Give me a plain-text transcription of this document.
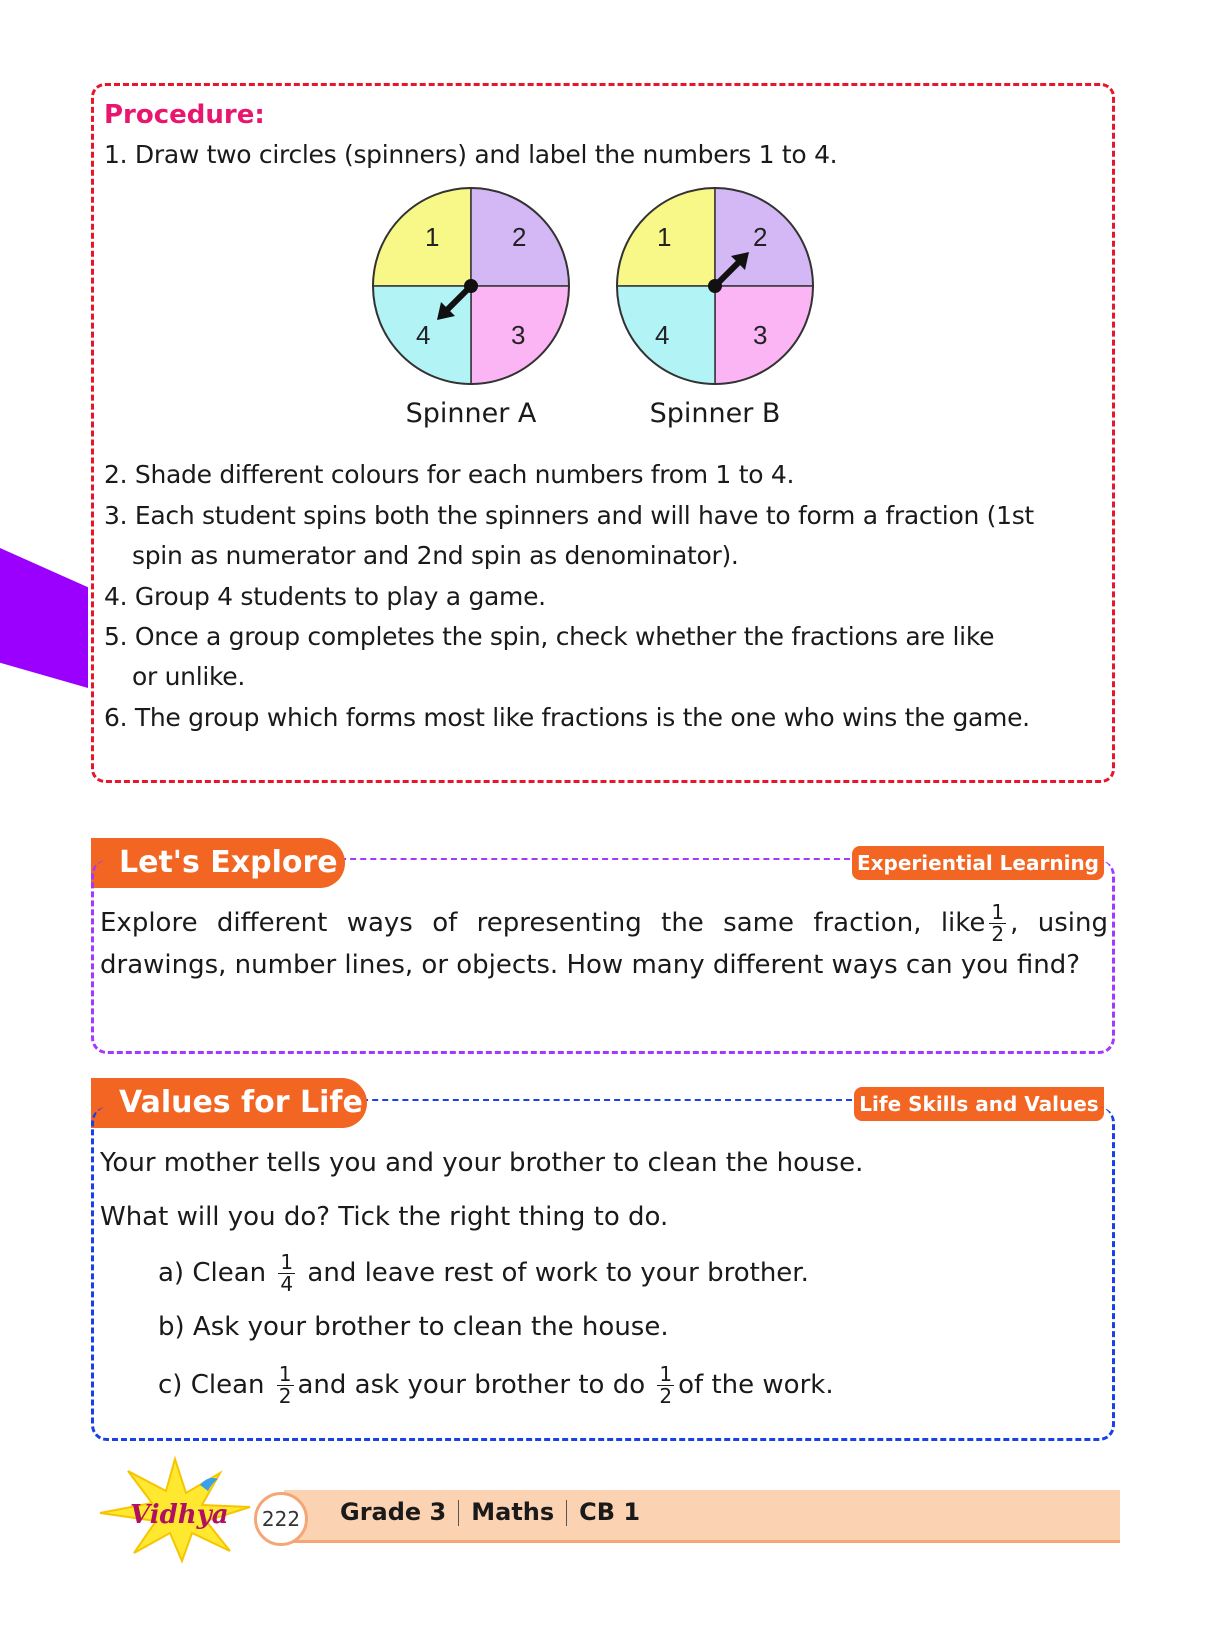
Procedure:
1. Draw two circles (spinners) and label the numbers 1 to 4.
1	2
3
4
Spinner A
1	2
3
4
Spinner B
2. Shade different colours for each numbers from 1 to 4.
3. Each student spins both the spinners and will have to form a fraction (1st
spin as numerator and 2nd spin as denominator).
4. Group 4 students to play a game.
5. Once a group completes the spin, check whether the fractions are like
or unlike.
6. The group which forms most like fractions is the one who wins the game.
Let's Explore	Experiential Learning
Explore different ways of representing the same fraction, like $\frac{1}{2}$ , using drawings, number lines, or objects. How many different ways can you find?
Values for Life	Life Skills and Values
Your mother tells you and your brother to clean the house.
What will you do? Tick the right thing to do.
a) Clean $\frac{1}{4}$ and leave rest of work to your brother.
b) Ask your brother to clean the house.
c) Clean $\frac{1}{2}$ and ask your brother to do $\frac{1}{2}$ of the work.
Vidhya	222	Grade 3 Maths CB 1
